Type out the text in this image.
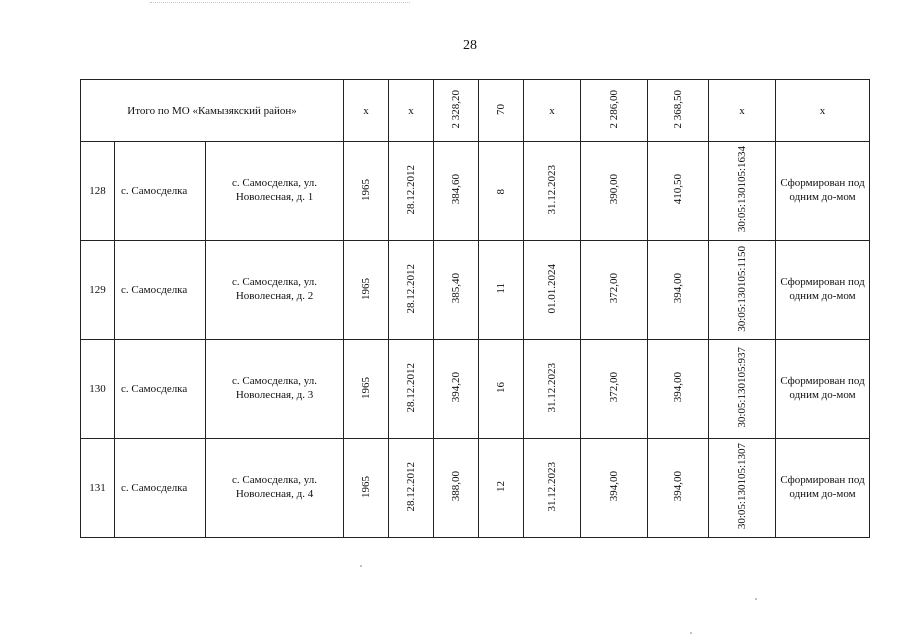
28
Итого по МО «Камызякский район»			х	х	2 328,20	70	х	2 286,00	2 368,50	х	х
128	с. Самосделка	с. Самосделка, ул. Новолесная, д. 1	1965	28.12.2012	384,60	8	31.12.2023	390,00	410,50	30:05:130105:1634	Сформирован под одним до-мом

129	с. Самосделка	с. Самосделка, ул. Новолесная, д. 2	1965	28.12.2012	385,40	11	01.01.2024	372,00	394,00	30:05:130105:1150	Сформирован под одним до-мом

130	с. Самосделка	с. Самосделка, ул. Новолесная, д. 3	1965	28.12.2012	394,20	16	31.12.2023	372,00	394,00	30:05:130105:937	Сформирован под одним до-мом

131	с. Самосделка	с. Самосделка, ул. Новолесная, д. 4	1965	28.12.2012	388,00	12	31.12.2023	394,00	394,00	30:05:130105:1307	Сформирован под одним до-мом
